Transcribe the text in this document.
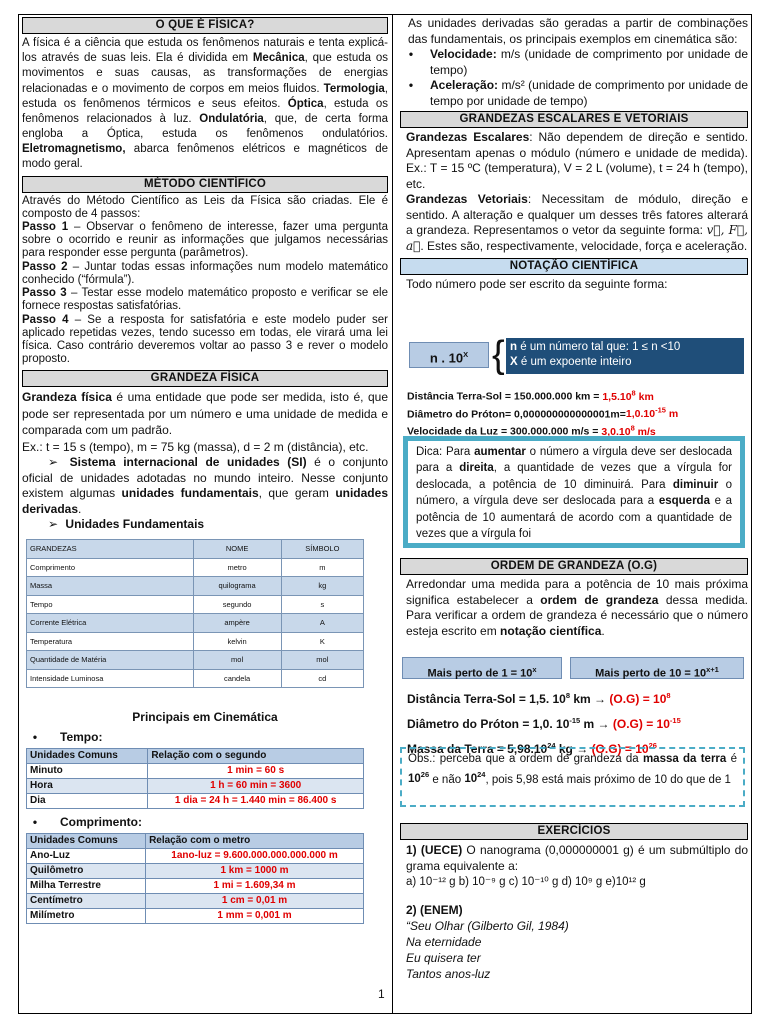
O QUE É FÍSICA?

A física é a ciência que estuda os fenômenos naturais e tenta explicá-los através de suas leis. Ela é dividida em Mecânica, que estuda os movimentos e suas causas, as transformações de energias relacionadas e o movimento de corpos em meios fluidos. Termologia, estuda os fenômenos térmicos e seus efeitos. Óptica, estuda os fenômenos relacionados à luz. Ondulatória, que, de certa forma engloba a Óptica, estuda os fenômenos ondulatórios. Eletromagnetismo, abarca fenômenos elétricos e magnéticos de modo geral.

MÉTODO CIENTÍFICO

Através do Método Científico as Leis da Física são criadas. Ele é composto de 4 passos:

Passo 1 – Observar o fenômeno de interesse, fazer uma pergunta sobre o ocorrido e reunir as informações que julgamos necessárias para responder esse pergunta (parâmetros).

Passo 2 – Juntar todas essas informações num modelo matemático conhecido (“fórmula”).

Passo 3 – Testar esse modelo matemático proposto e verificar se ele fornece respostas satisfatórias.

Passo 4 – Se a resposta for satisfatória e este modelo puder ser aplicado repetidas vezes, tendo sucesso em todas, ele virará uma lei física. Caso contrário deveremos voltar ao passo 3 e rever o modelo proposto.

GRANDEZA FÍSICA

Grandeza física é uma entidade que pode ser medida, isto é, que pode ser representada por um número e uma unidade de medida e comparada com um padrão.

Ex.: t = 15 s (tempo), m = 75 kg (massa), d = 2 m (distância), etc.

➢ Sistema internacional de unidades (SI) é o conjunto oficial de unidades adotadas no mundo inteiro. Nesse conjunto existem algumas unidades fundamentais, que geram unidades derivadas.

➢ Unidades Fundamentais

GRANDEZAS	NOME	SÍMBOLO
Comprimento	metro	m
Massa	quilograma	kg
Tempo	segundo	s
Corrente Elétrica	ampère	A
Temperatura	kelvin	K
Quantidade de Matéria	mol	mol
Intensidade Luminosa	candela	cd

Principais em Cinemática

• Tempo:

Unidades Comuns	Relação com o segundo
Minuto	1 min = 60 s
Hora	1 h = 60 min = 3600
Dia	1 dia = 24 h = 1.440 min = 86.400 s

• Comprimento:

Unidades Comuns	Relação com o metro
Ano-Luz	1ano-luz = 9.600.000.000.000.000 m
Quilômetro	1 km = 1000 m
Milha Terrestre	1 mi = 1.609,34 m
Centímetro	1 cm = 0,01 m
Milímetro	1 mm = 0,001 m

As unidades derivadas são geradas a partir de combinações das fundamentais, os principais exemplos em cinemática são:

•	Velocidade: m/s (unidade de comprimento por unidade de tempo)
•	Aceleração: m/s² (unidade de comprimento por unidade de tempo por unidade de tempo)
GRANDEZAS ESCALARES E VETORIAIS

Grandezas Escalares: Não dependem de direção e sentido. Apresentam apenas o módulo (número e unidade de medida). Ex.: T = 15 ºC (temperatura), V = 2 L (volume), t = 24 h (tempo), etc.

Grandezas Vetoriais: Necessitam de módulo, direção e sentido. A alteração e qualquer um desses três fatores alterará a grandeza. Representamos o vetor da seguinte forma: v⃗, F⃗, a⃗. Estes são, respectivamente, velocidade, força e aceleração.

NOTAÇÃO CIENTÍFICA

Todo número pode ser escrito da seguinte forma:

n . $10^X$ { n é um número tal que: 1 ≤ n <10
X é um expoente inteiro
Distância Terra-Sol = 150.000.000 km = $1,5.10^8$ km
Diâmetro do Próton= $0,000000000000001m=1,0.10^{-15}$ m
Velocidade da Luz = 300.000.000 $m/s = 3,0.10^8$ m/s
Dica: Para aumentar o número a vírgula deve ser deslocada para a direita, a quantidade de vezes que a vírgula for deslocada, a potência de 10 diminuirá. Para diminuir o número, a vírgula deve ser deslocada para a esquerda e a potência de 10 aumentará de acordo com a quantidade de vezes que a vírgula foi
ORDEM DE GRANDEZA (O.G)

Arredondar uma medida para a potência de 10 mais próxima significa estabelecer a ordem de grandeza dessa medida. Para verificar a ordem de grandeza é necessário que o número esteja escrito em notação científica.

Mais perto de $1 = 10^x$	Mais perto de $10 = 10^{x+1}$
Distância Terra-Sol = 1,5. $10^8$ km → $(O.G) = 10^8$
Diâmetro do Próton = 1,0. $10^{-15}$ $m \to (O.G) = 10^{-15}$
Massa da Terra = $5,98.10^{24}$ kg → $(O.G) = 10^{26}$
Obs.: perceba que a ordem de grandeza da massa da terra é $10^{26}$ e não $10^{24}$, pois 5,98 está mais próximo de 10 do que de 1
EXERCÍCIOS

1) (UECE) O nanograma (0,000000001 g) é um submúltiplo do grama equivalente a:

a) 10⁻¹² g b) 10⁻⁹ g c) 10⁻¹⁰ g d) 10⁹ g e)10¹² g

2) (ENEM)

“Seu Olhar (Gilberto Gil, 1984)
Na eternidade
Eu quisera ter
Tantos anos-luz
1
